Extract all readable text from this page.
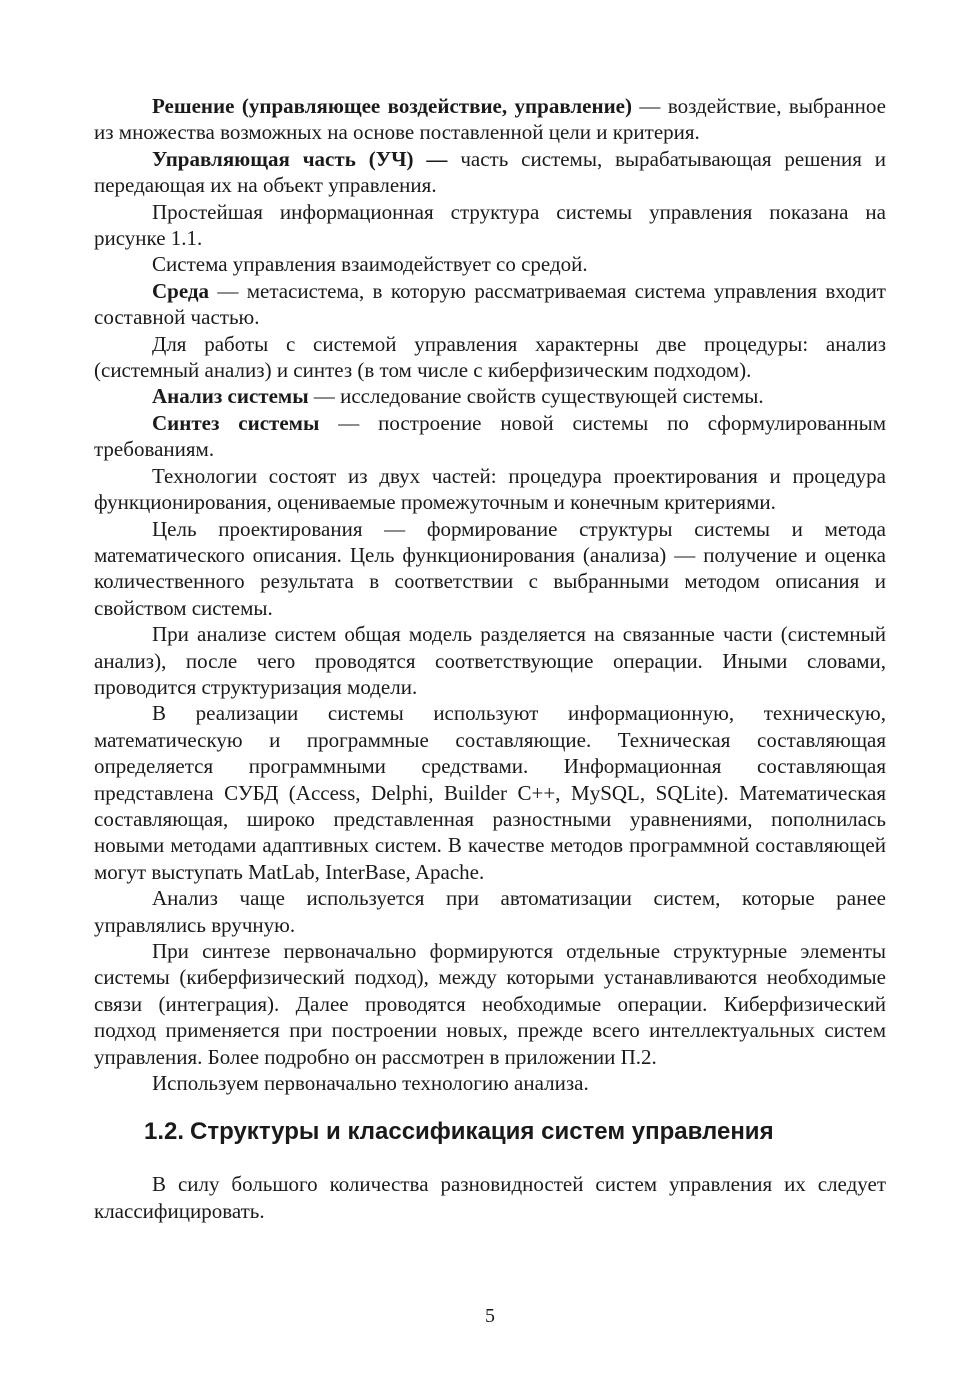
Решение (управляющее воздействие, управление) — воздействие, выбранное из множества возможных на основе поставленной цели и критерия.

Управляющая часть (УЧ) — часть системы, вырабатывающая решения и передающая их на объект управления.

Простейшая информационная структура системы управления показана на рисунке 1.1.

Система управления взаимодействует со средой.

Среда — метасистема, в которую рассматриваемая система управления входит составной частью.

Для работы с системой управления характерны две процедуры: анализ (системный анализ) и синтез (в том числе с киберфизическим подходом).

Анализ системы — исследование свойств существующей системы.

Синтез системы — построение новой системы по сформулированным требованиям.

Технологии состоят из двух частей: процедура проектирования и процедура функционирования, оцениваемые промежуточным и конечным критериями.

Цель проектирования — формирование структуры системы и метода математического описания. Цель функционирования (анализа) — получение и оценка количественного результата в соответствии с выбранными методом описания и свойством системы.

При анализе систем общая модель разделяется на связанные части (системный анализ), после чего проводятся соответствующие операции. Иными словами, проводится структуризация модели.

В реализации системы используют информационную, техническую, математическую и программные составляющие. Техническая составляющая определяется программными средствами. Информационная составляющая представлена СУБД (Access, Delphi, Builder C++, MySQL, SQLite). Математическая составляющая, широко представленная разностными уравнениями, пополнилась новыми методами адаптивных систем. В качестве методов программной составляющей могут выступать MatLab, InterBase, Apache.

Анализ чаще используется при автоматизации систем, которые ранее управлялись вручную.

При синтезе первоначально формируются отдельные структурные элементы системы (киберфизический подход), между которыми устанавливаются необходимые связи (интеграция). Далее проводятся необходимые операции. Киберфизический подход применяется при построении новых, прежде всего интеллектуальных систем управления. Более подробно он рассмотрен в приложении П.2.

Используем первоначально технологию анализа.

1.2. Структуры и классификация систем управления

В силу большого количества разновидностей систем управления их следует классифицировать.

5
